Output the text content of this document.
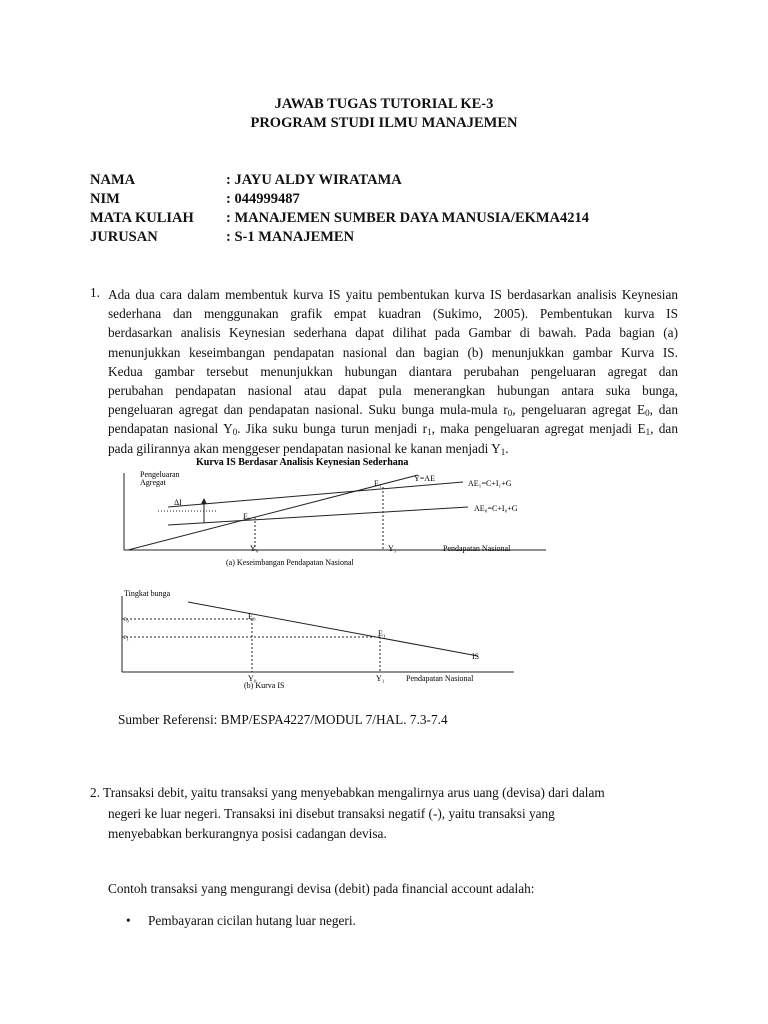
JAWAB TUGAS TUTORIAL KE-3
PROGRAM STUDI ILMU MANAJEMEN
NAMA	: JAYU ALDY WIRATAMA
NIM	: 044999487
MATA KULIAH : MANAJEMEN SUMBER DAYA MANUSIA/EKMA4214
JURUSAN	: S-1 MANAJEMEN
1. Ada dua cara dalam membentuk kurva IS yaitu pembentukan kurva IS berdasarkan analisis Keynesian
sederhana dan menggunakan grafik empat kuadran (Sukimo, 2005). Pembentukan kurva IS
berdasarkan analisis Keynesian sederhana dapat dilihat pada Gambar di bawah. Pada bagian (a)
menunjukkan keseimbangan pendapatan nasional dan bagian (b) menunjukkan gambar Kurva IS.
Kedua gambar tersebut menunjukkan hubungan diantara perubahan pengeluaran agregat dan
perubahan pendapatan nasional atau dapat pula menerangkan hubungan antara suka bunga,
pengeluaran agregat dan pendapatan nasional. Suku bunga mula-mula $r_0$, pengeluaran agregat $E_0$, dan
pendapatan nasional $Y_0$. Jika suku bunga turun menjadi $r_1$, maka pengeluaran agregat menjadi $E_1$, dan
pada gilirannya akan menggeser pendapatan nasional ke kanan menjadi $Y_1$.
Kurva IS Berdasar Analisis Keynesian Sederhana
Pengeluaran
Agregat	Y=AE
AE₁=C+I₁+G
AE₀=C+I₀+G
ΔI
E₀
E₁
Y₀	Y₁	Pendapatan Nasional
(a) Keseimbangan Pendapatan Nasional
Tingkat bunga
r₀
r₁
E₀
E₁
IS
Y₀	Y₁	Pendapatan Nasional
(b) Kurva IS
Sumber Referensi: BMP/ESPA4227/MODUL 7/HAL. 7.3-7.4
2. Transaksi debit, yaitu transaksi yang menyebabkan mengalirnya arus uang (devisa) dari dalam
negeri ke luar negeri. Transaksi ini disebut transaksi negatif (-), yaitu transaksi yang
menyebabkan berkurangnya posisi cadangan devisa.
Contoh transaksi yang mengurangi devisa (debit) pada financial account adalah:
• Pembayaran cicilan hutang luar negeri.
